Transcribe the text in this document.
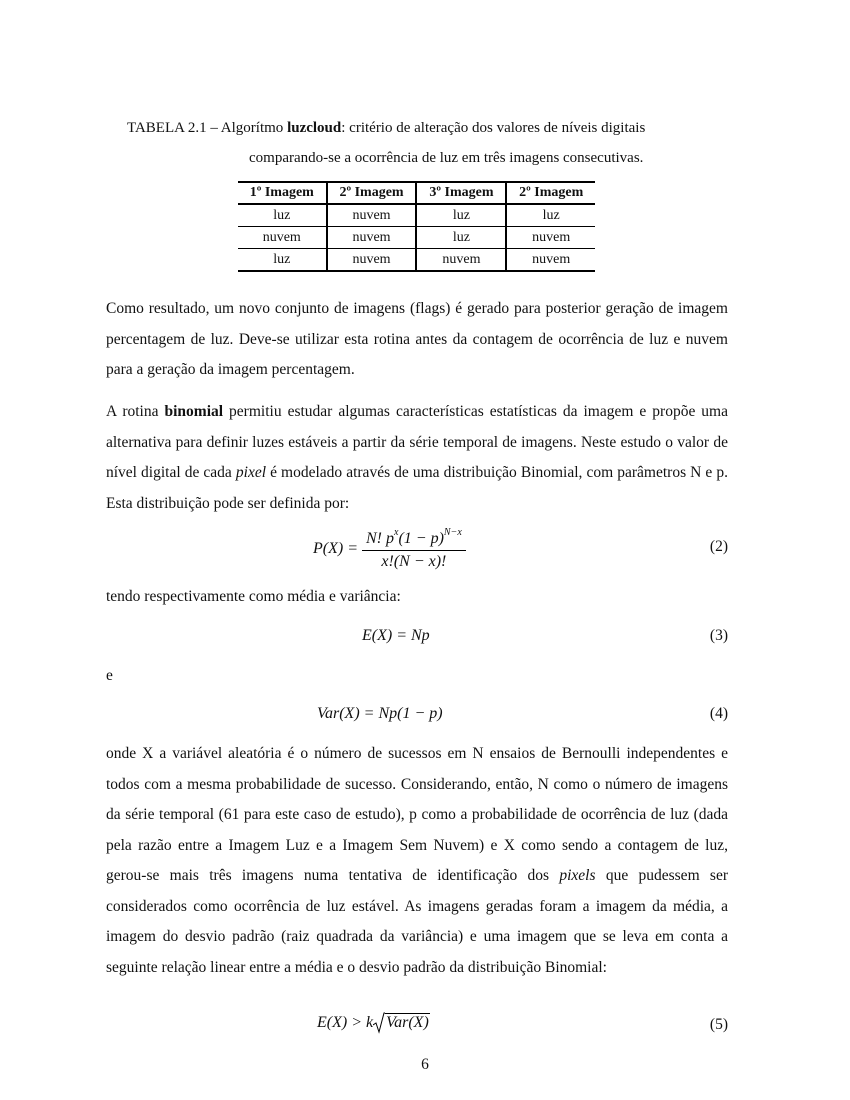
TABELA 2.1 – Algorítmo luzcloud: critério de alteração dos valores de níveis digitais
comparando-se a ocorrência de luz em três imagens consecutivas.
1º Imagem	2º Imagem	3º Imagem	2º Imagem
luz	nuvem	luz	luz
nuvem	nuvem	luz	nuvem
luz	nuvem	nuvem	nuvem
Como resultado, um novo conjunto de imagens (flags) é gerado para posterior geração de imagem percentagem de luz. Deve-se utilizar esta rotina antes da contagem de ocorrência de luz e nuvem para a geração da imagem percentagem.
A rotina binomial permitiu estudar algumas características estatísticas da imagem e propõe uma alternativa para definir luzes estáveis a partir da série temporal de imagens. Neste estudo o valor de nível digital de cada pixel é modelado através de uma distribuição Binomial, com parâmetros N e p. Esta distribuição pode ser definida por:
$P(X) = \frac{N! p^x(1 - p)^{N-x}}{x!(N - x)!}$	(2)
tendo respectivamente como média e variância:
E(X) = Np	(3)
e
Var(X) = Np(1 − p)	(4)
onde X a variável aleatória é o número de sucessos em N ensaios de Bernoulli independentes e todos com a mesma probabilidade de sucesso. Considerando, então, N como o número de imagens da série temporal (61 para este caso de estudo), p como a probabilidade de ocorrência de luz (dada pela razão entre a Imagem Luz e a Imagem Sem Nuvem) e X como sendo a contagem de luz, gerou-se mais três imagens numa tentativa de identificação dos pixels que pudessem ser considerados como ocorrência de luz estável. As imagens geradas foram a imagem da média, a imagem do desvio padrão (raiz quadrada da variância) e uma imagem que se leva em conta a seguinte relação linear entre a média e o desvio padrão da distribuição Binomial:
E(X) > k Var(X)	(5)
6
